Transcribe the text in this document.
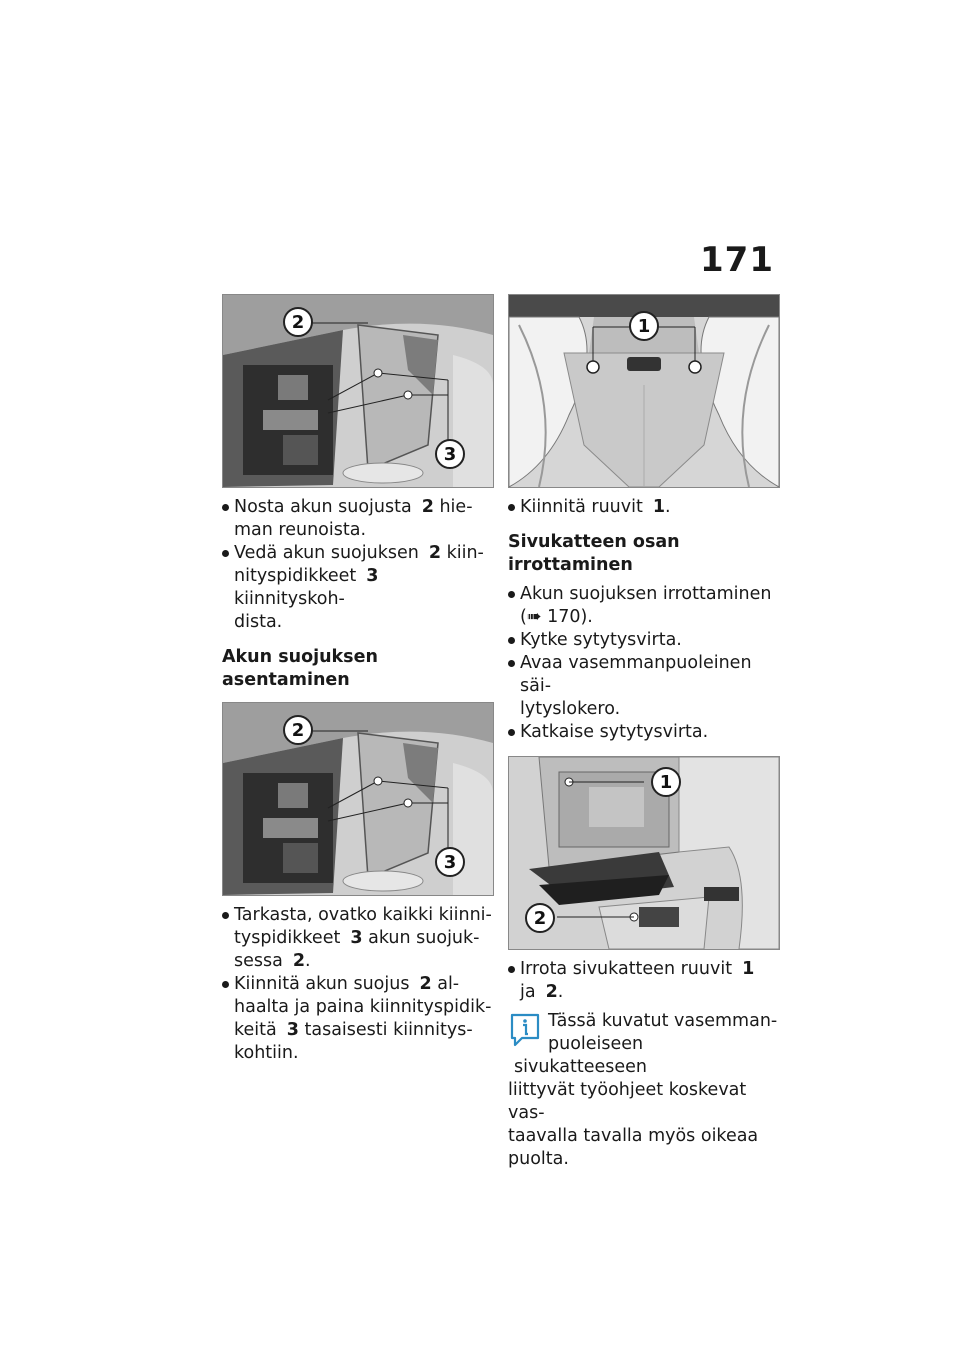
171
2
3
Nosta akun suojusta 2 hie-
man reunoista.
Vedä akun suojuksen 2 kiin-
nityspidikkeet 3 kiinnityskoh-
dista.
Akun suojuksen asentaminen
2
3
Tarkasta, ovatko kaikki kiinni-
tyspidikkeet 3 akun suojuk-
sessa 2.
Kiinnitä akun suojus 2 al-
haalta ja paina kiinnityspidik-
keitä 3 tasaisesti kiinnitys-
kohtiin.
1
Kiinnitä ruuvit 1.
Sivukatteen osan irrottaminen
Akun suojuksen irrottaminen
(➠ 170).
Kytke sytytysvirta.
Avaa vasemmanpuoleinen säi-
lytyslokero.
Katkaise sytytysvirta.
1
2
Irrota sivukatteen ruuvit 1
ja 2.
Tässä kuvatut vasemman-
puoleiseen sivukatteeseen
liittyvät työohjeet koskevat vas-
taavalla tavalla myös oikeaa
puolta.
